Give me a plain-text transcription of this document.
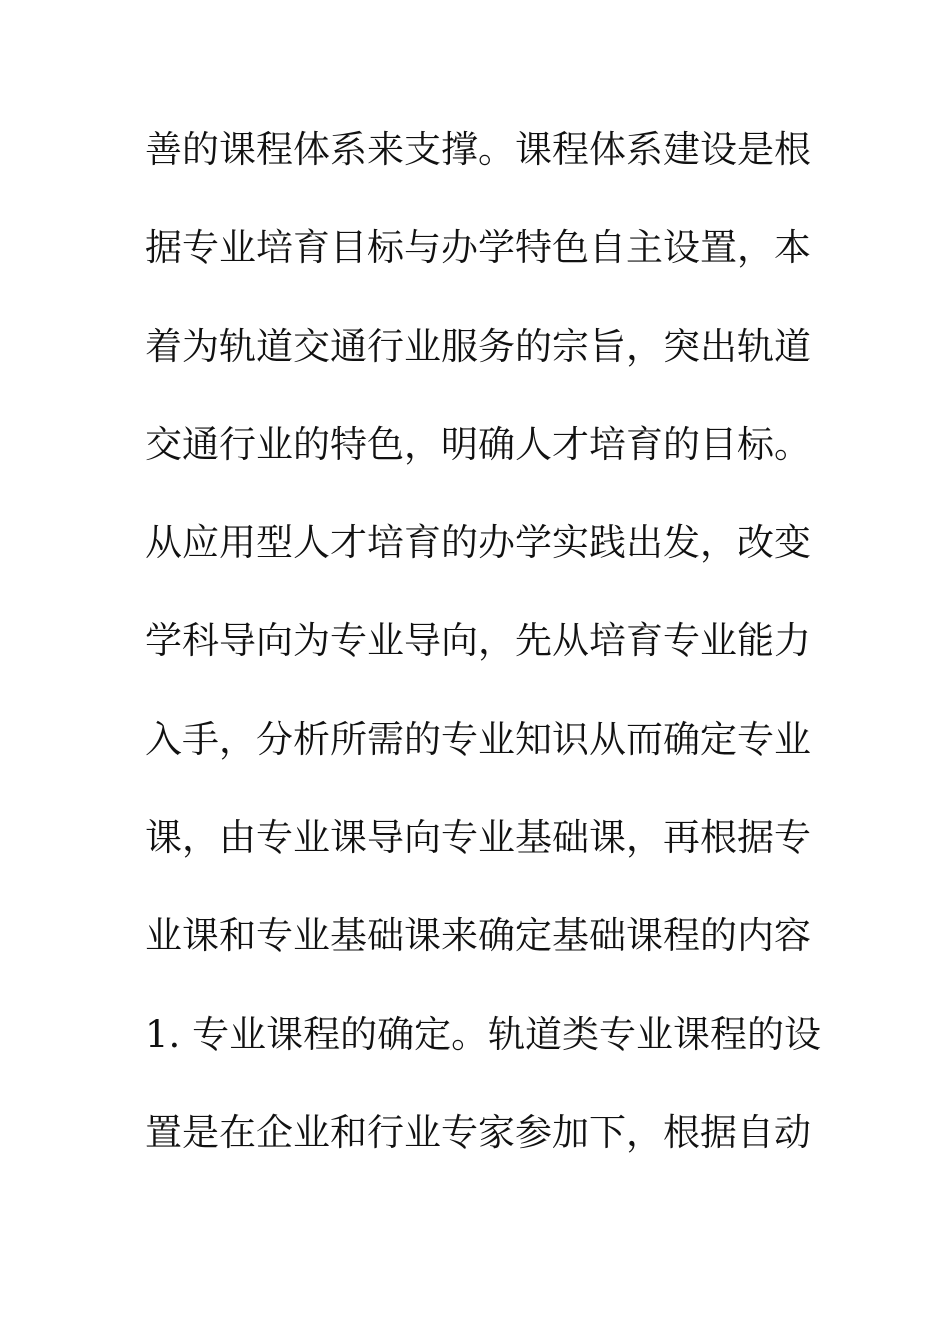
善的课程体系来支撑。课程体系建设是根
据专业培育目标与办学特色自主设置，本
着为轨道交通行业服务的宗旨，突出轨道
交通行业的特色，明确人才培育的目标。
从应用型人才培育的办学实践出发，改变
学科导向为专业导向，先从培育专业能力
入手，分析所需的专业知识从而确定专业
课，由专业课导向专业基础课，再根据专
业课和专业基础课来确定基础课程的内容
1. 专业课程的确定。轨道类专业课程的设
置是在企业和行业专家参加下，根据自动
